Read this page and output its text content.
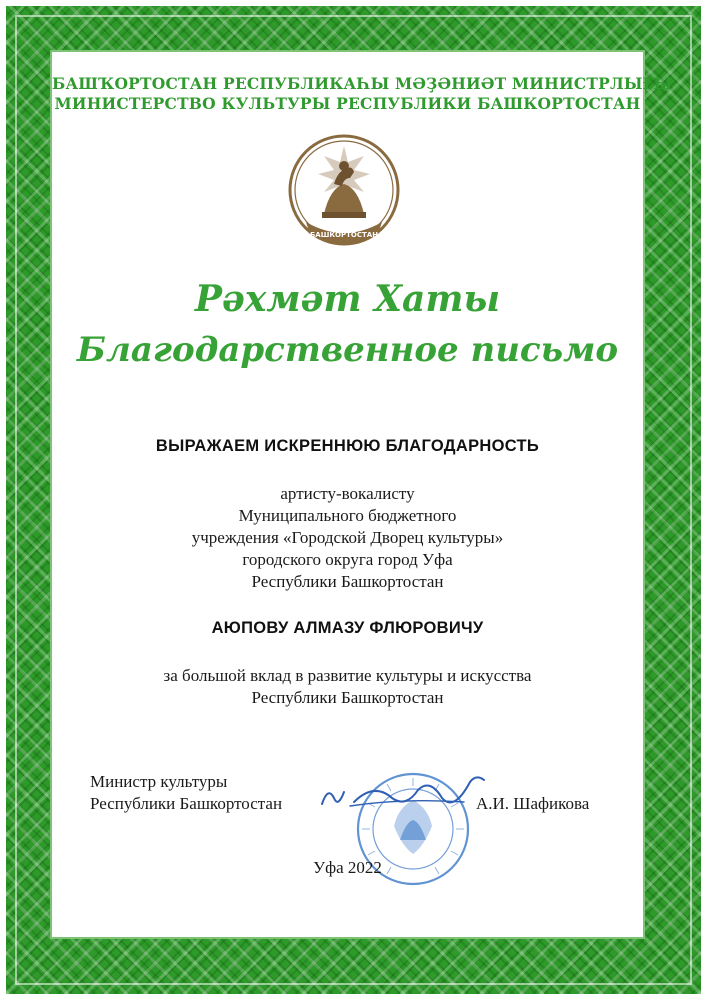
БАШҠОРТОСТАН РЕСПУБЛИКАҺЫ МӘҘӘНИӘТ МИНИСТРЛЫҒЫ
МИНИСТЕРСТВО КУЛЬТУРЫ РЕСПУБЛИКИ БАШКОРТОСТАН
БАШКОРТОСТАН
Рәхмәт Хаты
Благодарственное письмо
ВЫРАЖАЕМ ИСКРЕННЮЮ БЛАГОДАРНОСТЬ
артисту-вокалисту
Муниципального бюджетного
учреждения «Городской Дворец культуры»
городского округа город Уфа
Республики Башкортостан
АЮПОВУ АЛМАЗУ ФЛЮРОВИЧУ
за большой вклад в развитие культуры и искусства
Республики Башкортостан
Министр культуры
Республики Башкортостан	А.И. Шафикова
Уфа 2022
